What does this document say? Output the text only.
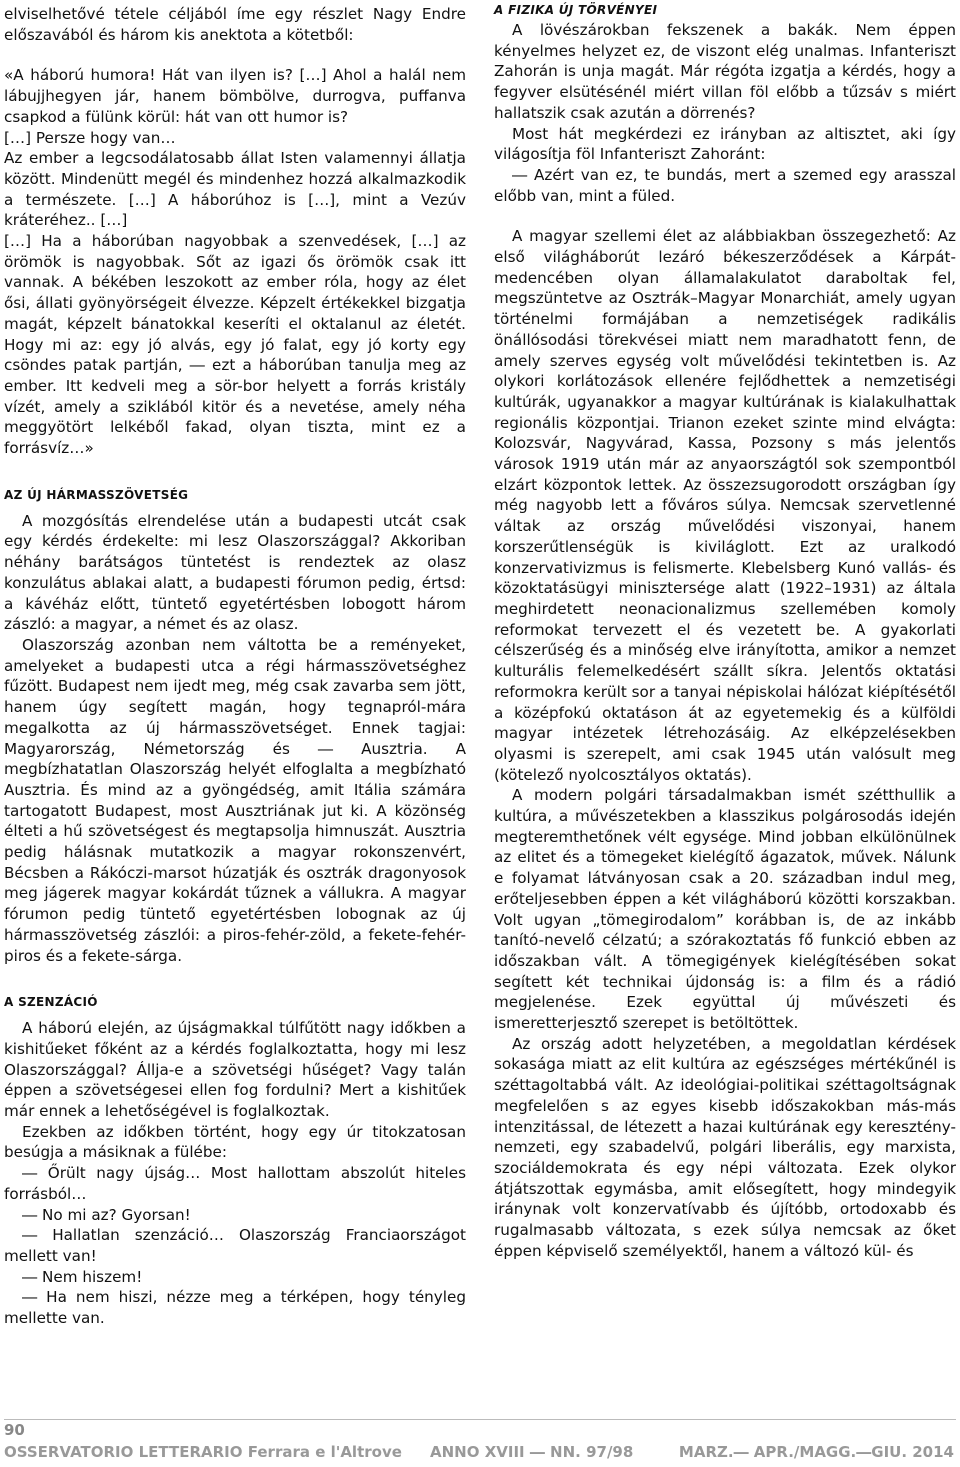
elviselhetővé tétele céljából íme egy részlet Nagy Endre előszavából és három kis anektota a kötetből:

«A háború humora! Hát van ilyen is? […] Ahol a halál nem lábujjhegyen jár, hanem bömbölve, durrogva, puffanva csapkod a fülünk körül: hát van ott humor is?

[…] Persze hogy van…

Az ember a legcsodálatosabb állat Isten valamennyi állatja között. Mindenütt megél és mindenhez hozzá alkalmazkodik a természete. […] A háborúhoz is […], mint a Vezúv kráteréhez.. […]

[…] Ha a háborúban nagyobbak a szenvedések, […] az örömök is nagyobbak. Sőt az igazi ős örömök csak itt vannak. A békében leszokott az ember róla, hogy az élet ősi, állati gyönyörségeit élvezze. Képzelt értékekkel bizgatja magát, képzelt bánatokkal keseríti el oktalanul az életét. Hogy mi az: egy jó alvás, egy jó falat, egy jó korty egy csöndes patak partján, ― ezt a háborúban tanulja meg az ember. Itt kedveli meg a sör-bor helyett a forrás kristály vízét, amely a sziklából kitör és a nevetése, amely néha meggyötört lelkéből fakad, olyan tiszta, mint ez a forrásvíz…»

AZ ÚJ HÁRMASSZÖVETSÉG

A mozgósítás elrendelése után a budapesti utcát csak egy kérdés érdekelte: mi lesz Olaszországgal? Akkoriban néhány barátságos tüntetést is rendeztek az olasz konzulátus ablakai alatt, a budapesti fórumon pedig, értsd: a kávéház előtt, tüntető egyetértésben lobogott három zászló: a magyar, a német és az olasz.

Olaszország azonban nem váltotta be a reményeket, amelyeket a budapesti utca a régi hármasszövetséghez fűzött. Budapest nem ijedt meg, még csak zavarba sem jött, hanem úgy segített magán, hogy tegnapról-mára megalkotta az új hármasszövetséget. Ennek tagjai: Magyarország, Németország és ― Ausztria. A megbízhatatlan Olaszország helyét elfoglalta a megbízható Ausztria. És mind az a gyöngédség, amit Itália számára tartogatott Budapest, most Ausztriának jut ki. A közönség élteti a hű szövetségest és megtapsolja himnuszát. Ausztria pedig hálásnak mutatkozik a magyar rokonszenvért, Bécsben a Rákóczi-marsot húzatják és osztrák dragonyosok meg jágerek magyar kokárdát tűznek a vállukra. A magyar fórumon pedig tüntető egyetértésben lobognak az új hármasszövetség zászlói: a piros-fehér-zöld, a fekete-fehér-piros és a fekete-sárga.

A SZENZÁCIÓ

A háború elején, az újságmakkal túlfűtött nagy időkben a kishitűeket főként az a kérdés foglalkoztatta, hogy mi lesz Olaszországgal? Állja-e a szövetségi hűséget? Vagy talán éppen a szövetségesei ellen fog fordulni? Mert a kishitűek már ennek a lehetőségével is foglalkoztak.

Ezekben az időkben történt, hogy egy úr titokzatosan besúgja a másiknak a fülébe:

― Őrült nagy újság… Most hallottam abszolút hiteles forrásból…

― No mi az? Gyorsan!

― Hallatlan szenzáció… Olaszország Franciaországot mellett van!

― Nem hiszem!

― Ha nem hiszi, nézze meg a térképen, hogy tényleg mellette van.

A FIZIKA ÚJ TÖRVÉNYEI

A lövészárokban fekszenek a bakák. Nem éppen kényelmes helyzet ez, de viszont elég unalmas. Infanteriszt Zahorán is unja magát. Már régóta izgatja a kérdés, hogy a fegyver elsütésénél miért villan föl előbb a tűzsáv s miért hallatszik csak azután a dörrenés?

Most hát megkérdezi ez irányban az altisztet, aki így világosítja föl Infanteriszt Zahoránt:

― Azért van ez, te bundás, mert a szemed egy arasszal előbb van, mint a füled.

A magyar szellemi élet az alábbiakban összegezhető: Az első világháborút lezáró békeszerződések a Kárpát-medencében olyan államalakulatot daraboltak fel, megszüntetve az Osztrák–Magyar Monarchiát, amely ugyan történelmi formájában a nemzetiségek radikális önállósodási törekvései miatt nem maradhatott fenn, de amely szerves egység volt művelődési tekintetben is. Az olykori korlátozások ellenére fejlődhettek a nemzetiségi kultúrák, ugyanakkor a magyar kultúrának is kialakulhattak regionális központjai. Trianon ezeket szinte mind elvágta: Kolozsvár, Nagyvárad, Kassa, Pozsony s más jelentős városok 1919 után már az anyaországtól sok szempontból elzárt központok lettek. Az összezsugorodott országban így még nagyobb lett a főváros súlya. Nemcsak szervetlenné váltak az ország művelődési viszonyai, hanem korszerűtlenségük is kiviláglott. Ezt az uralkodó konzervativizmus is felismerte. Klebelsberg Kunó vallás- és közoktatásügyi minisztersége alatt (1922–1931) az általa meghirdetett neonacionalizmus szellemében komoly reformokat tervezett el és vezetett be. A gyakorlati célszerűség és a minőség elve irányította, amikor a nemzet kulturális felemelkedésért szállt síkra. Jelentős oktatási reformokra került sor a tanyai népiskolai hálózat kiépítésétől a középfokú oktatáson át az egyetemekig és a külföldi magyar intézetek létrehozásáig. Az elképzelésekben olyasmi is szerepelt, ami csak 1945 után valósult meg (kötelező nyolcosztályos oktatás).

A modern polgári társadalmakban ismét szétthullik a kultúra, a művészetekben a klasszikus polgárosodás idején megteremthetőnek vélt egysége. Mind jobban elkülönülnek az elitet és a tömegeket kielégítő ágazatok, művek. Nálunk e folyamat látványosan csak a 20. században indul meg, erőteljesebben éppen a két világháború közötti korszakban. Volt ugyan „tömegirodalom” korábban is, de az inkább tanító-nevelő célzatú; a szórakoztatás fő funkció ebben az időszakban vált. A tömegigények kielégítésében sokat segített két technikai újdonság is: a film és a rádió megjelenése. Ezek együttal új művészeti és ismeretterjesztő szerepet is betöltöttek.

Az ország adott helyzetében, a megoldatlan kérdések sokasága miatt az elit kultúra az egészséges mértékűnél is széttagoltabbá vált. Az ideológiai-politikai széttagoltságnak megfelelően s az egyes kisebb időszakokban más-más intenzitással, de létezett a hazai kultúrának egy keresztény-nemzeti, egy szabadelvű, polgári liberális, egy marxista, szociáldemokrata és egy népi változata. Ezek olykor átjátszottak egymásba, amit elősegített, hogy mindegyik iránynak volt konzervatívabb és újítóbb, ortodoxabb és rugalmasabb változata, s ezek súlya nemcsak az őket éppen képviselő személyektől, hanem a változó kül- és

90
OSSERVATORIO LETTERARIO Ferrara e l'Altrove ANNO XVIII ― NN. 97/98	MARZ.― APR./MAGG.―GIU. 2014
